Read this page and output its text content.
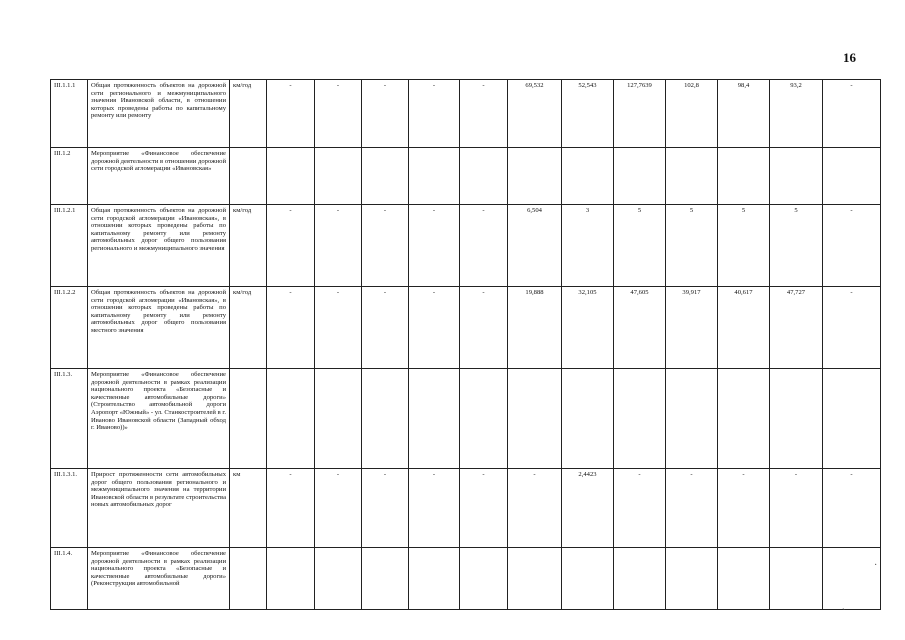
16
III.1.1.1	Общая протяженность объектов на дорожной сети регионального и межмуниципального значения Ивановской области, в отношении которых проведены работы по капитальному ремонту или ремонту	км/год	-	-	-	-	-	69,532	52,543	127,7639	102,8	98,4	93,2	-
III.1.2	Мероприятие «Финансовое обеспечение дорожной деятельности в отношении дорожной сети городской агломерации «Ивановская»													
III.1.2.1	Общая протяженность объектов на дорожной сети городской агломерации «Ивановская», в отношении которых проведены работы по капитальному ремонту или ремонту автомобильных дорог общего пользования регионального и межмуниципального значения	км/год	-	-	-	-	-	6,504	3	5	5	5	5	-
III.1.2.2	Общая протяженность объектов на дорожной сети городской агломерации «Ивановская», в отношении которых проведены работы по капитальному ремонту или ремонту автомобильных дорог общего пользования местного значения	км/год	-	-	-	-	-	19,888	32,105	47,605	39,917	40,617	47,727	-
III.1.3.	Мероприятие «Финансовое обеспечение дорожной деятельности в рамках реализации национального проекта «Безопасные и качественные автомобильные дороги» (Строительство автомобильной дороги Аэропорт «Южный» - ул. Станкостроителей в г. Иваново Ивановской области (Западный обход г. Иваново))»													
III.1.3.1.	Прирост протяженности сети автомобильных дорог общего пользования регионального и межмуниципального значения на территории Ивановской области в результате строительства новых автомобильных дорог	км	-	-	-	-	-	-	2,4423	-	-	-	-	-
III.1.4.	Мероприятие «Финансовое обеспечение дорожной деятельности в рамках реализации национального проекта «Безопасные и качественные автомобильные дороги» (Реконструкция автомобильной													
·
`
